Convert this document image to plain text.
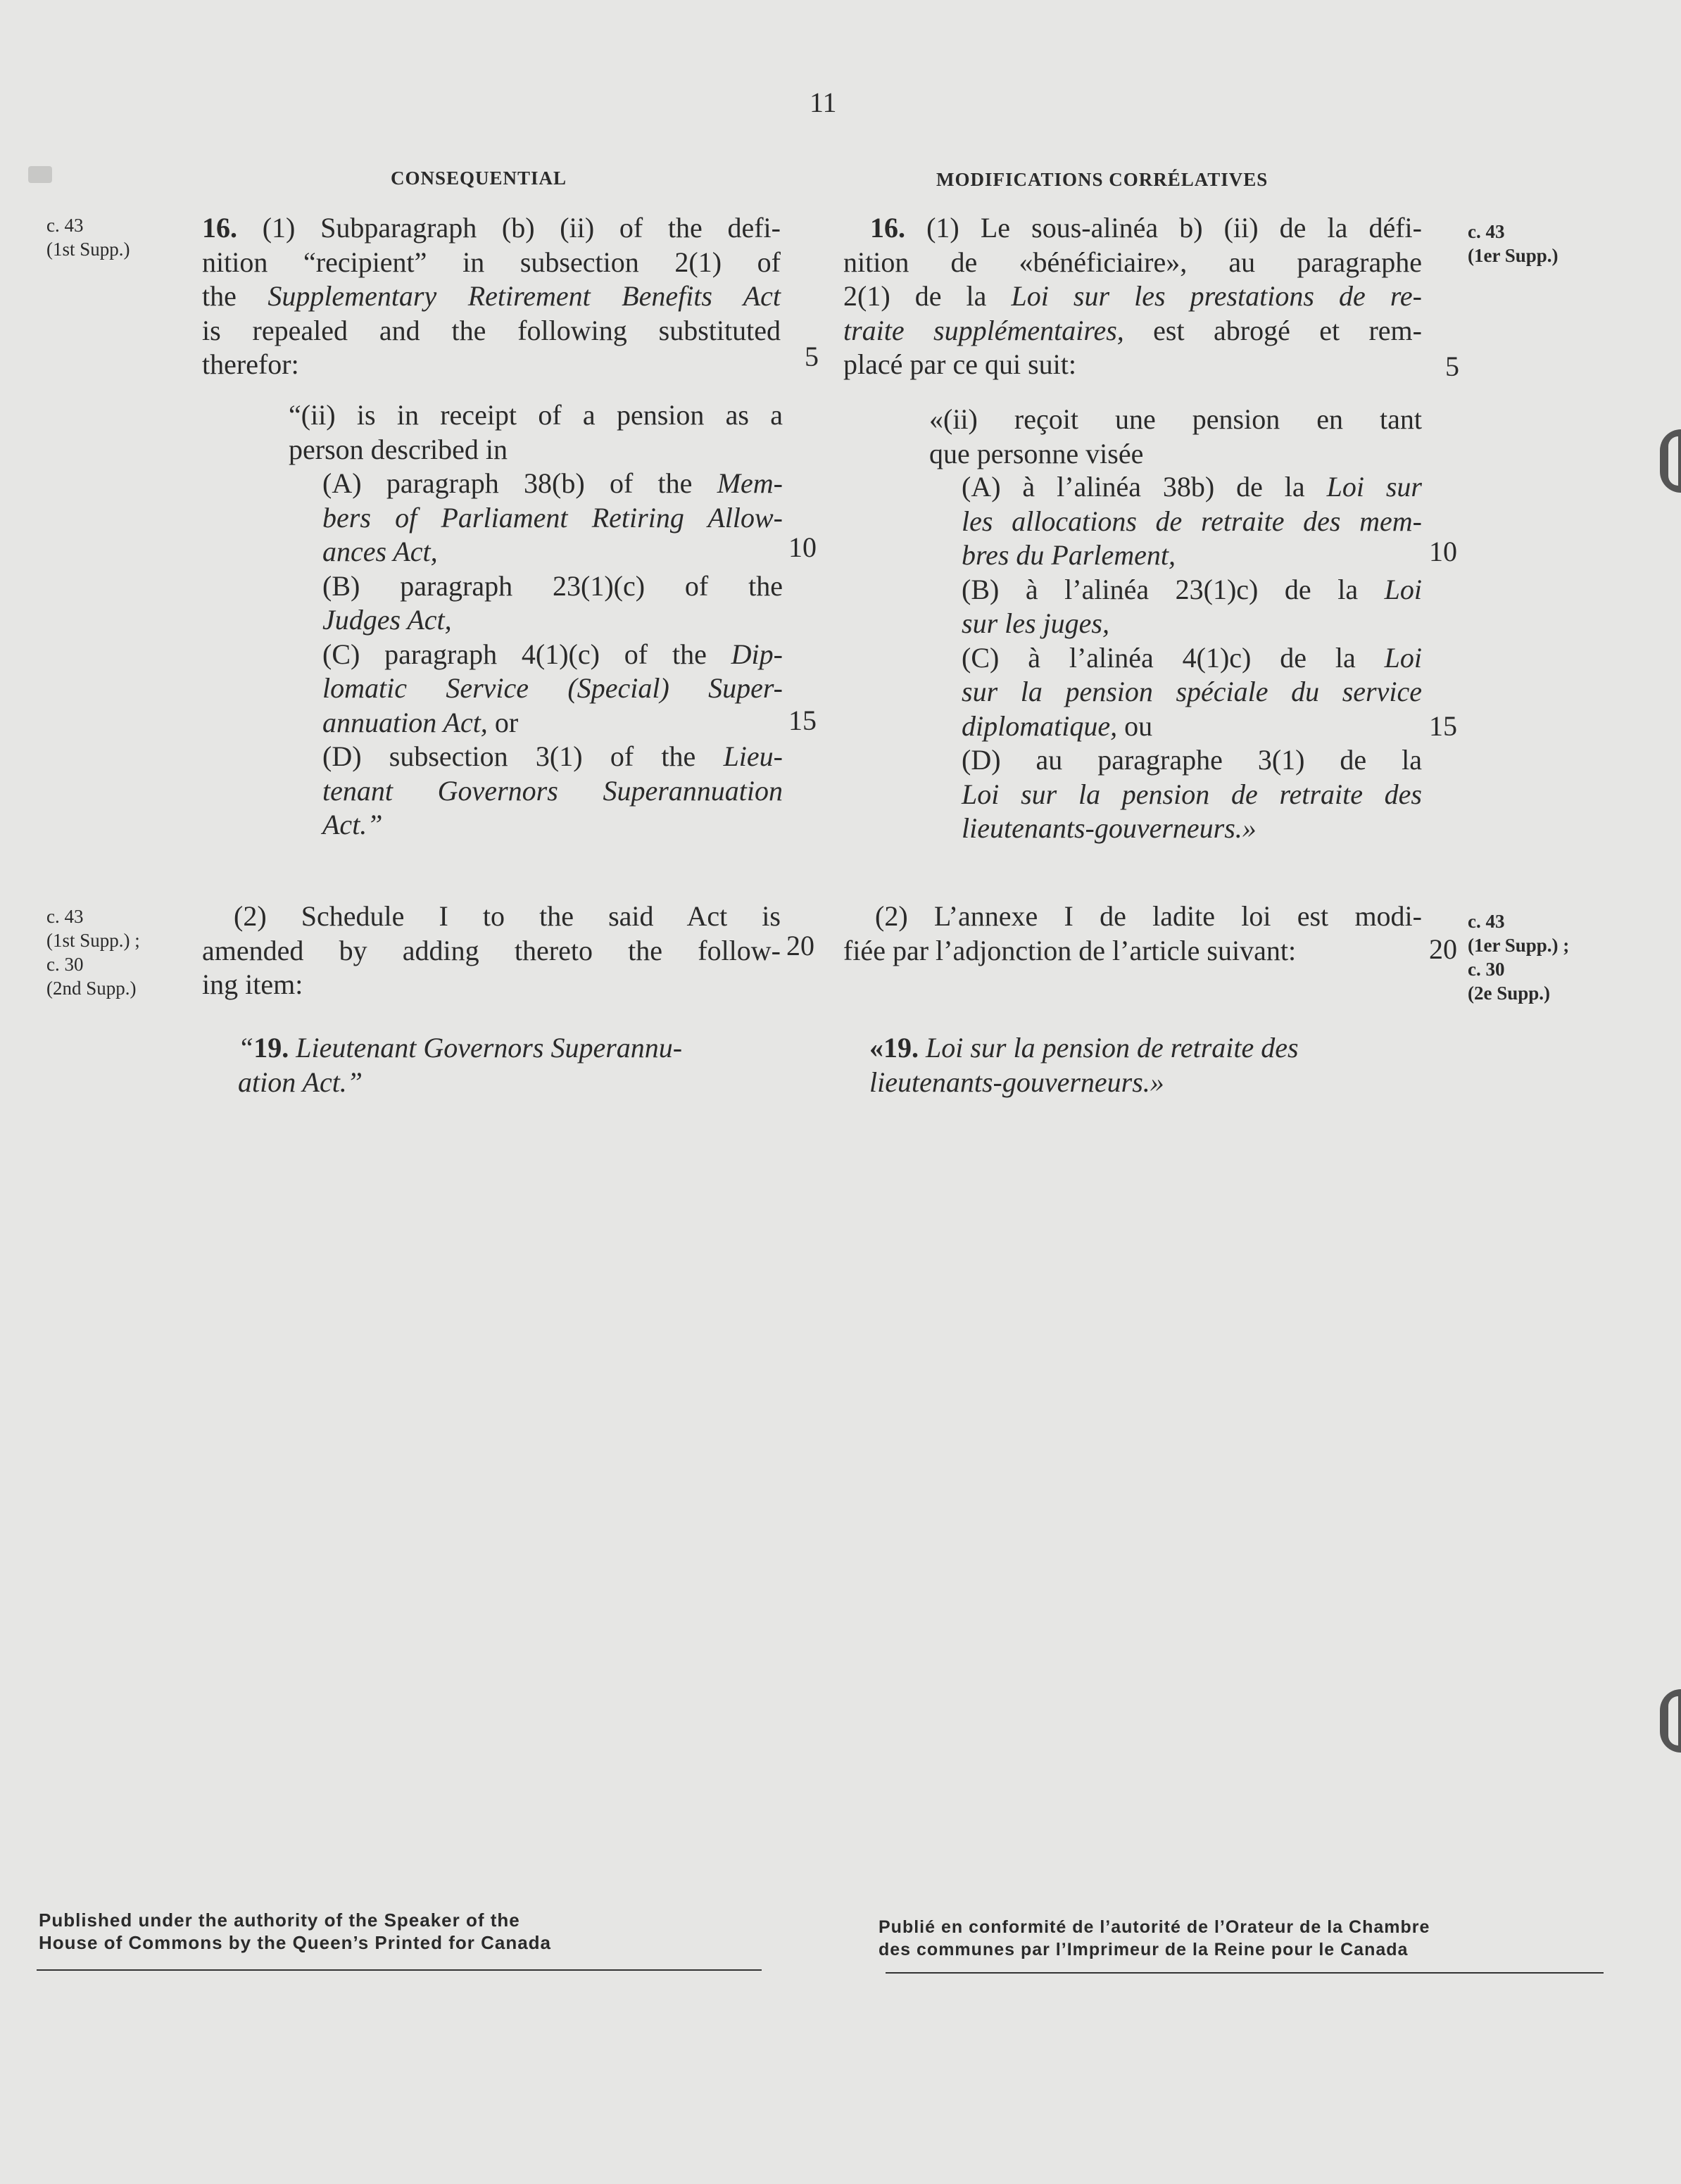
11
CONSEQUENTIAL	MODIFICATIONS CORRÉLATIVES
c. 43
(1st Supp.)
c. 43
(1st Supp.) ;
c. 30
(2nd Supp.)
c. 43
(1er Supp.)
c. 43
(1er Supp.) ;
c. 30
(2e Supp.)
5
10
15
20
5
10
15
20
16. (1) Subparagraph (b) (ii) of the defi-
nition “recipient” in subsection 2(1) of
the Supplementary Retirement Benefits Act
is repealed and the following substituted
therefor:
“(ii) is in receipt of a pension as a
person described in
(A) paragraph 38(b) of the Mem-
bers of Parliament Retiring Allow-
ances Act,
(B) paragraph 23(1)(c) of the
Judges Act,
(C) paragraph 4(1)(c) of the Dip-
lomatic Service (Special) Super-
annuation Act, or
(D) subsection 3(1) of the Lieu-
tenant Governors Superannuation
Act.”
(2) Schedule I to the said Act is
amended by adding thereto the follow-
ing item:
“19. Lieutenant Governors Superannu-
ation Act.”
16. (1) Le sous-alinéa b) (ii) de la défi-
nition de «bénéficiaire», au paragraphe
2(1) de la Loi sur les prestations de re-
traite supplémentaires, est abrogé et rem-
placé par ce qui suit:
«(ii) reçoit une pension en tant
que personne visée
(A) à l’alinéa 38b) de la Loi sur
les allocations de retraite des mem-
bres du Parlement,
(B) à l’alinéa 23(1)c) de la Loi
sur les juges,
(C) à l’alinéa 4(1)c) de la Loi
sur la pension spéciale du service
diplomatique, ou
(D) au paragraphe 3(1) de la
Loi sur la pension de retraite des
lieutenants-gouverneurs.»
(2) L’annexe I de ladite loi est modi-
fiée par l’adjonction de l’article suivant:
«19. Loi sur la pension de retraite des
lieutenants-gouverneurs.»
Published under the authority of the Speaker of the
House of Commons by the Queen’s Printed for Canada
Publié en conformité de l’autorité de l’Orateur de la Chambre
des communes par l’Imprimeur de la Reine pour le Canada
